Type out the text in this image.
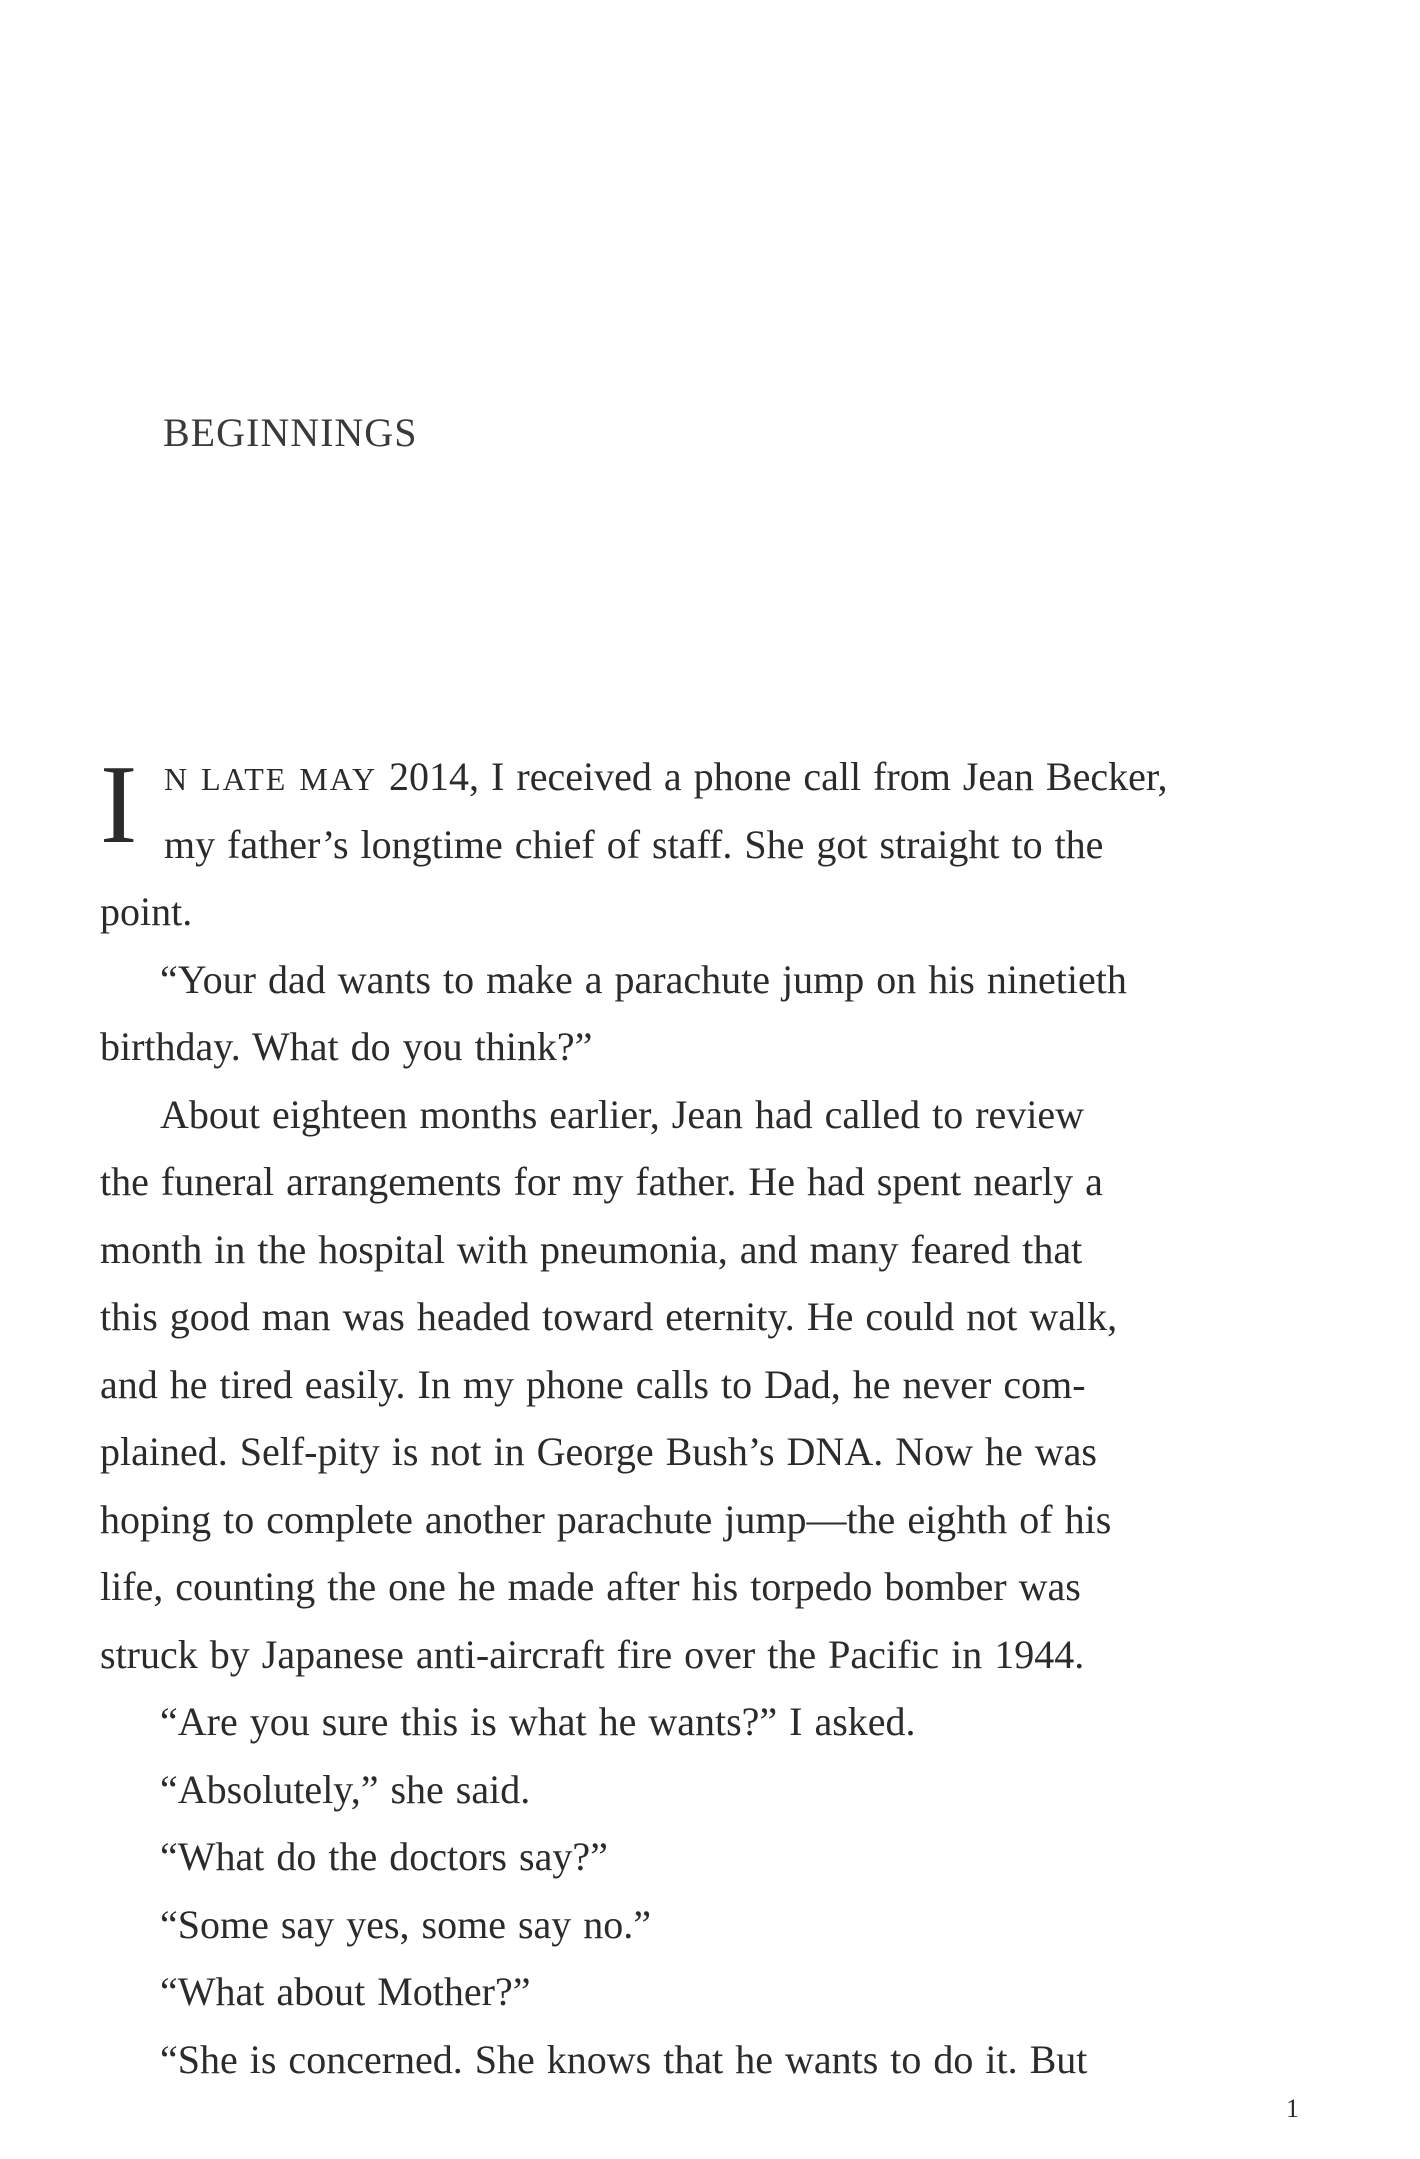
BEGINNINGS
I N LATE MAY 2014, I received a phone call from Jean Becker,
my father’s longtime chief of staff. She got straight to the
point.
“Your dad wants to make a parachute jump on his ninetieth
birthday. What do you think?”
About eighteen months earlier, Jean had called to review
the funeral arrangements for my father. He had spent nearly a
month in the hospital with pneumonia, and many feared that
this good man was headed toward eternity. He could not walk,
and he tired easily. In my phone calls to Dad, he never com-
plained. Self-pity is not in George Bush’s DNA. Now he was
hoping to complete another parachute jump—the eighth of his
life, counting the one he made after his torpedo bomber was
struck by Japanese anti-aircraft fire over the Pacific in 1944.
“Are you sure this is what he wants?” I asked.
“Absolutely,” she said.
“What do the doctors say?”
“Some say yes, some say no.”
“What about Mother?”
“She is concerned. She knows that he wants to do it. But

1
